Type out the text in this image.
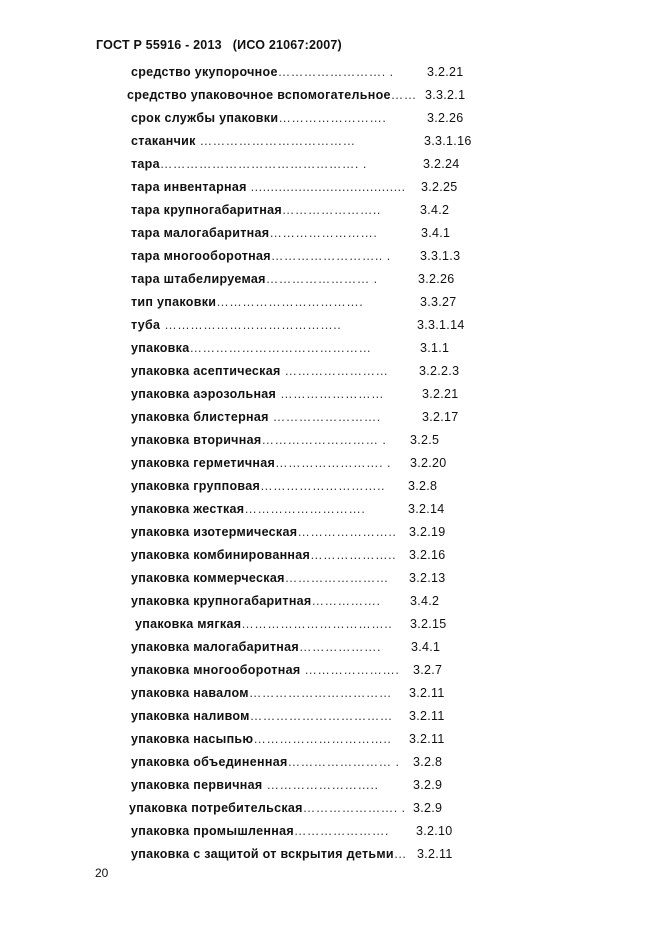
ГОСТ Р 55916 - 2013   (ИСО 21067:2007)
средство укупорочное……………………. .	3.2.21
средство упаковочное вспомогательное…… 3.3.2.1
срок службы упаковки…………………….	3.2.26
стаканчик ………………………………	3.3.1.16
тара………………………………………. .	3.2.24
тара инвентарная ....................................... 3.2.25
тара крупногабаритная…………………..	3.4.2
тара малогабаритная…………………….	3.4.1
тара многооборотная…………………….. . 3.3.1.3
тара штабелируемая…………………… .	3.2.26
тип упаковки…………………………….	3.3.27
туба …………………………………..	3.3.1.14
упаковка……………………………………	3.1.1
упаковка асептическая …………………… 3.2.2.3
упаковка аэрозольная ……………………	3.2.21
упаковка блистерная …………………….	3.2.17
упаковка вторичная……………………… . 3.2.5
упаковка герметичная……………………. . 3.2.20
упаковка групповая……………………….. 3.2.8
упаковка жесткая……………………….	3.2.14
упаковка изотермическая………………….. 3.2.19
упаковка комбинированная……………….. 3.2.16
упаковка коммерческая…………………… 3.2.13
упаковка крупногабаритная……………. 3.4.2
упаковка мягкая…………………………….. 3.2.15
упаковка малогабаритная………………. 3.4.1
упаковка многооборотная …………………. 3.2.7
упаковка навалом…………………………… 3.2.11
упаковка наливом…………………………… 3.2.11
упаковка насыпью………………………….. 3.2.11
упаковка объединенная…………………… . 3.2.8
упаковка первичная ……………………..	3.2.9
упаковка потребительская…………………. . 3.2.9
упаковка промышленная…………………. 3.2.10
упаковка с защитой от вскрытия детьми… 3.2.11
20
